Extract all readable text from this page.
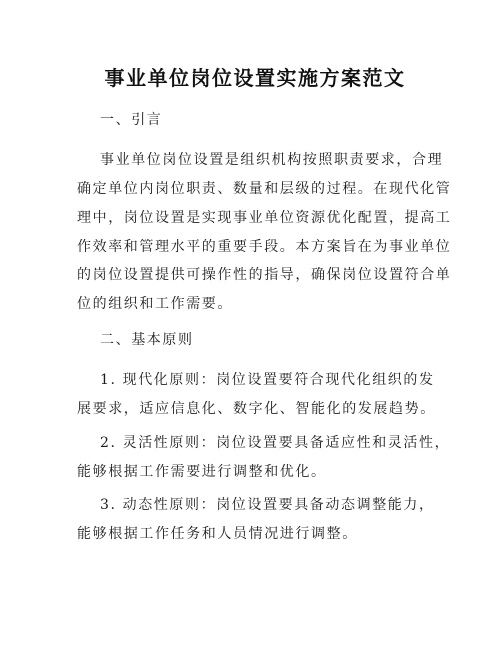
事业单位岗位设置实施方案范文
一、引言
事业单位岗位设置是组织机构按照职责要求，合理
确定单位内岗位职责、数量和层级的过程。在现代化管
理中，岗位设置是实现事业单位资源优化配置，提高工
作效率和管理水平的重要手段。本方案旨在为事业单位
的岗位设置提供可操作性的指导，确保岗位设置符合单
位的组织和工作需要。
二、基本原则
1. 现代化原则：岗位设置要符合现代化组织的发
展要求，适应信息化、数字化、智能化的发展趋势。
2. 灵活性原则：岗位设置要具备适应性和灵活性，
能够根据工作需要进行调整和优化。
3. 动态性原则：岗位设置要具备动态调整能力，
能够根据工作任务和人员情况进行调整。
